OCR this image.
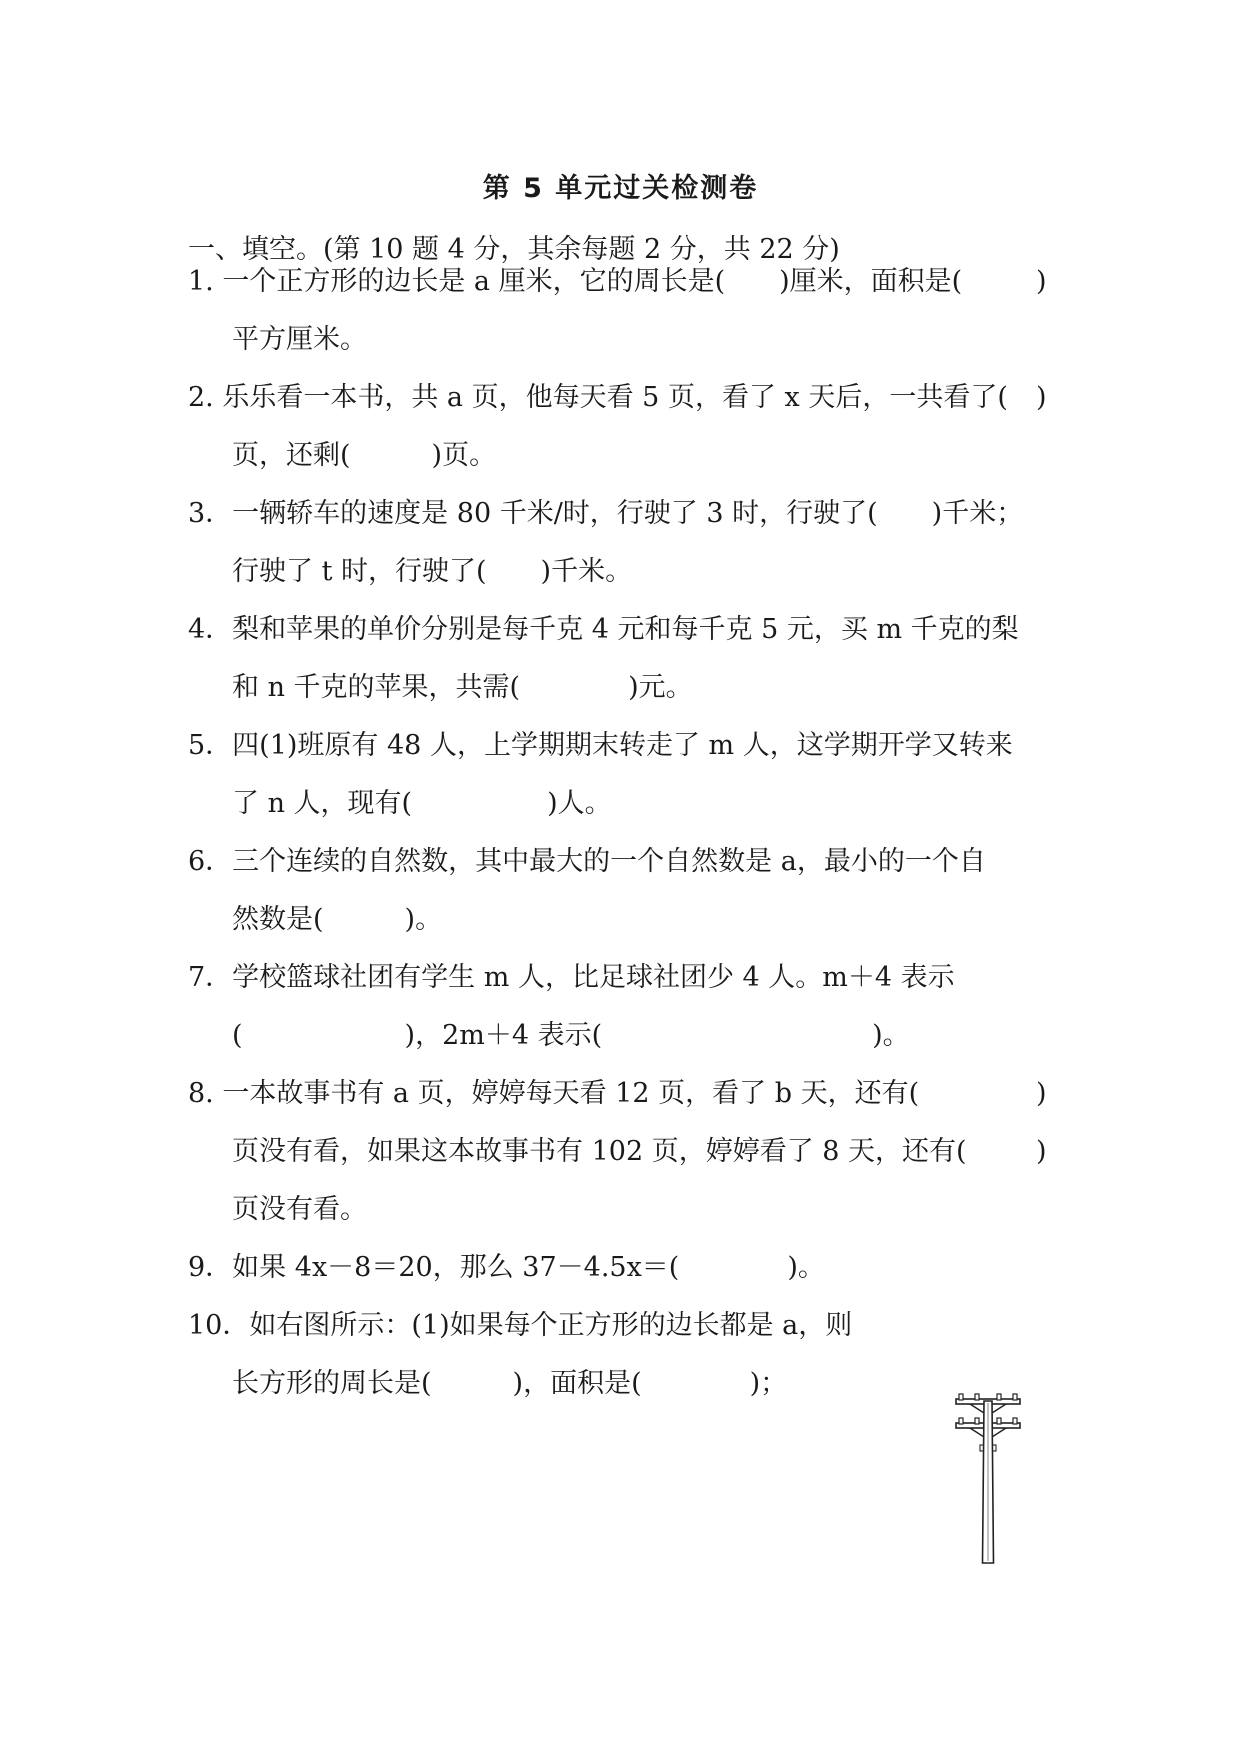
第 5 单元过关检测卷
一、填空。(第 10 题 4 分，其余每题 2 分，共 22 分)
1. 一个正方形的边长是 a 厘米，它的周长是(　　)厘米，面积是(	)
平方厘米。
2. 乐乐看一本书，共 a 页，他每天看 5 页，看了 x 天后，一共看了( )
页，还剩(　　　)页。
3．一辆轿车的速度是 80 千米/时，行驶了 3 时，行驶了(　　)千米；
行驶了 t 时，行驶了(　　)千米。
4．梨和苹果的单价分别是每千克 4 元和每千克 5 元，买 m 千克的梨
和 n 千克的苹果，共需(　　　　)元。
5．四(1)班原有 48 人，上学期期末转走了 m 人，这学期开学又转来
了 n 人，现有(　　　　　)人。
6．三个连续的自然数，其中最大的一个自然数是 a，最小的一个自
然数是(　　　)。
7．学校篮球社团有学生 m 人，比足球社团少 4 人。m＋4 表示
(　　　　　　)，2m＋4 表示(　　　　　　　　　　)。
8. 一本故事书有 a 页，婷婷每天看 12 页，看了 b 天，还有(	)
页没有看，如果这本故事书有 102 页，婷婷看了 8 天，还有(	)
页没有看。
9．如果 4x－8＝20，那么 37－4.5x＝(　　　　)。
10．如右图所示：(1)如果每个正方形的边长都是 a，则
长方形的周长是(　　　)，面积是(　　　　)；
